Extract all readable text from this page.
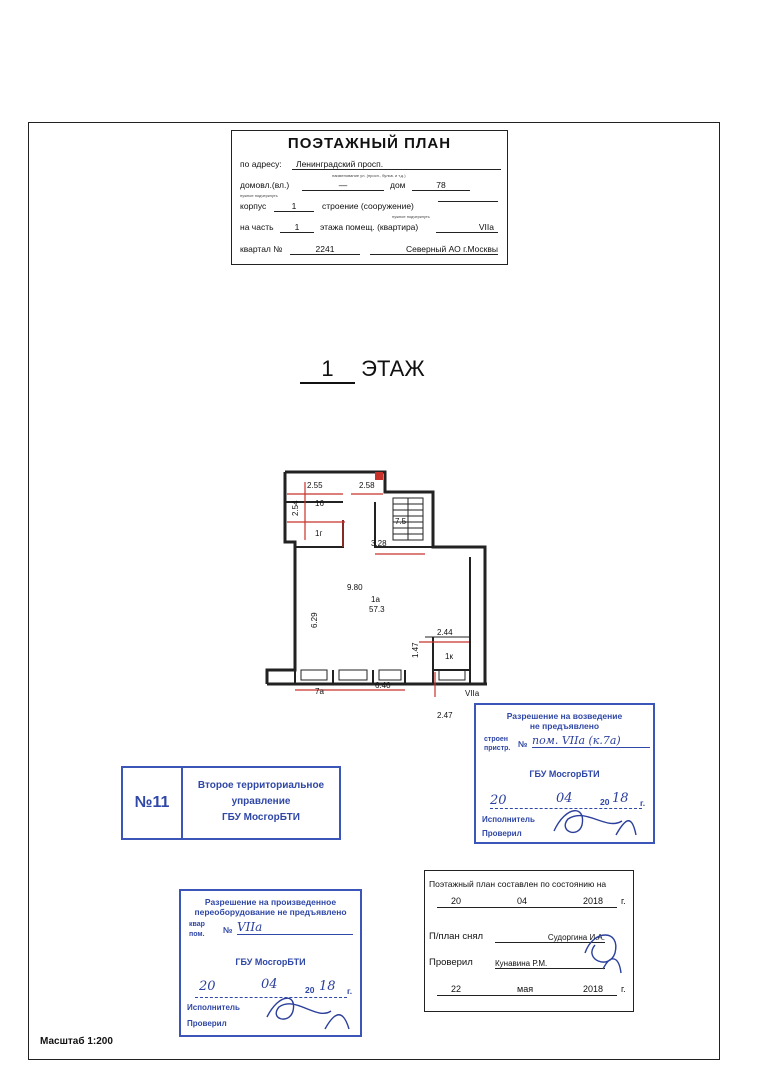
ПОЭТАЖНЫЙ ПЛАН
по адресу:	Ленинградский просп.
наименование ул. (просп., бульв. и т.д.)
домовл.(вл.)	—	дом	78
нужное подчеркнуть
корпус	1	строение (сооружение)
нужное подчеркнуть
на часть	1	этажа помещ. (квартира)	VIIa
квартал №	2241	Северный АО г.Москвы
1 ЭТАЖ
2.55	2.58
2.54 16
1г
7.5
3.28
9.80
1а
57.3
6.29
2.44
1.47	1к
7а
6.40
VIIa
2.47	Разрешение на возведение
не предъявлено
строен
пристр. № пом. VIIа (к.7а)
ГБУ МосгорБТИ
20	04	20 18 г.
Исполнитель
Проверил
№11
Второе территориальное
управление
ГБУ МосгорБТИ
Поэтажный план составлен по состоянию на
20	04	2018 г.
П/план снял	Судоргина И.А.
Проверил	Кунавина Р.М.
22	мая	2018 г.
Разрешение на произведенное
переоборудование не предъявлено
квар
пом. № VIIа
ГБУ МосгорБТИ
20	04	20 18 г.
Исполнитель
Проверил
Масштаб 1:200
